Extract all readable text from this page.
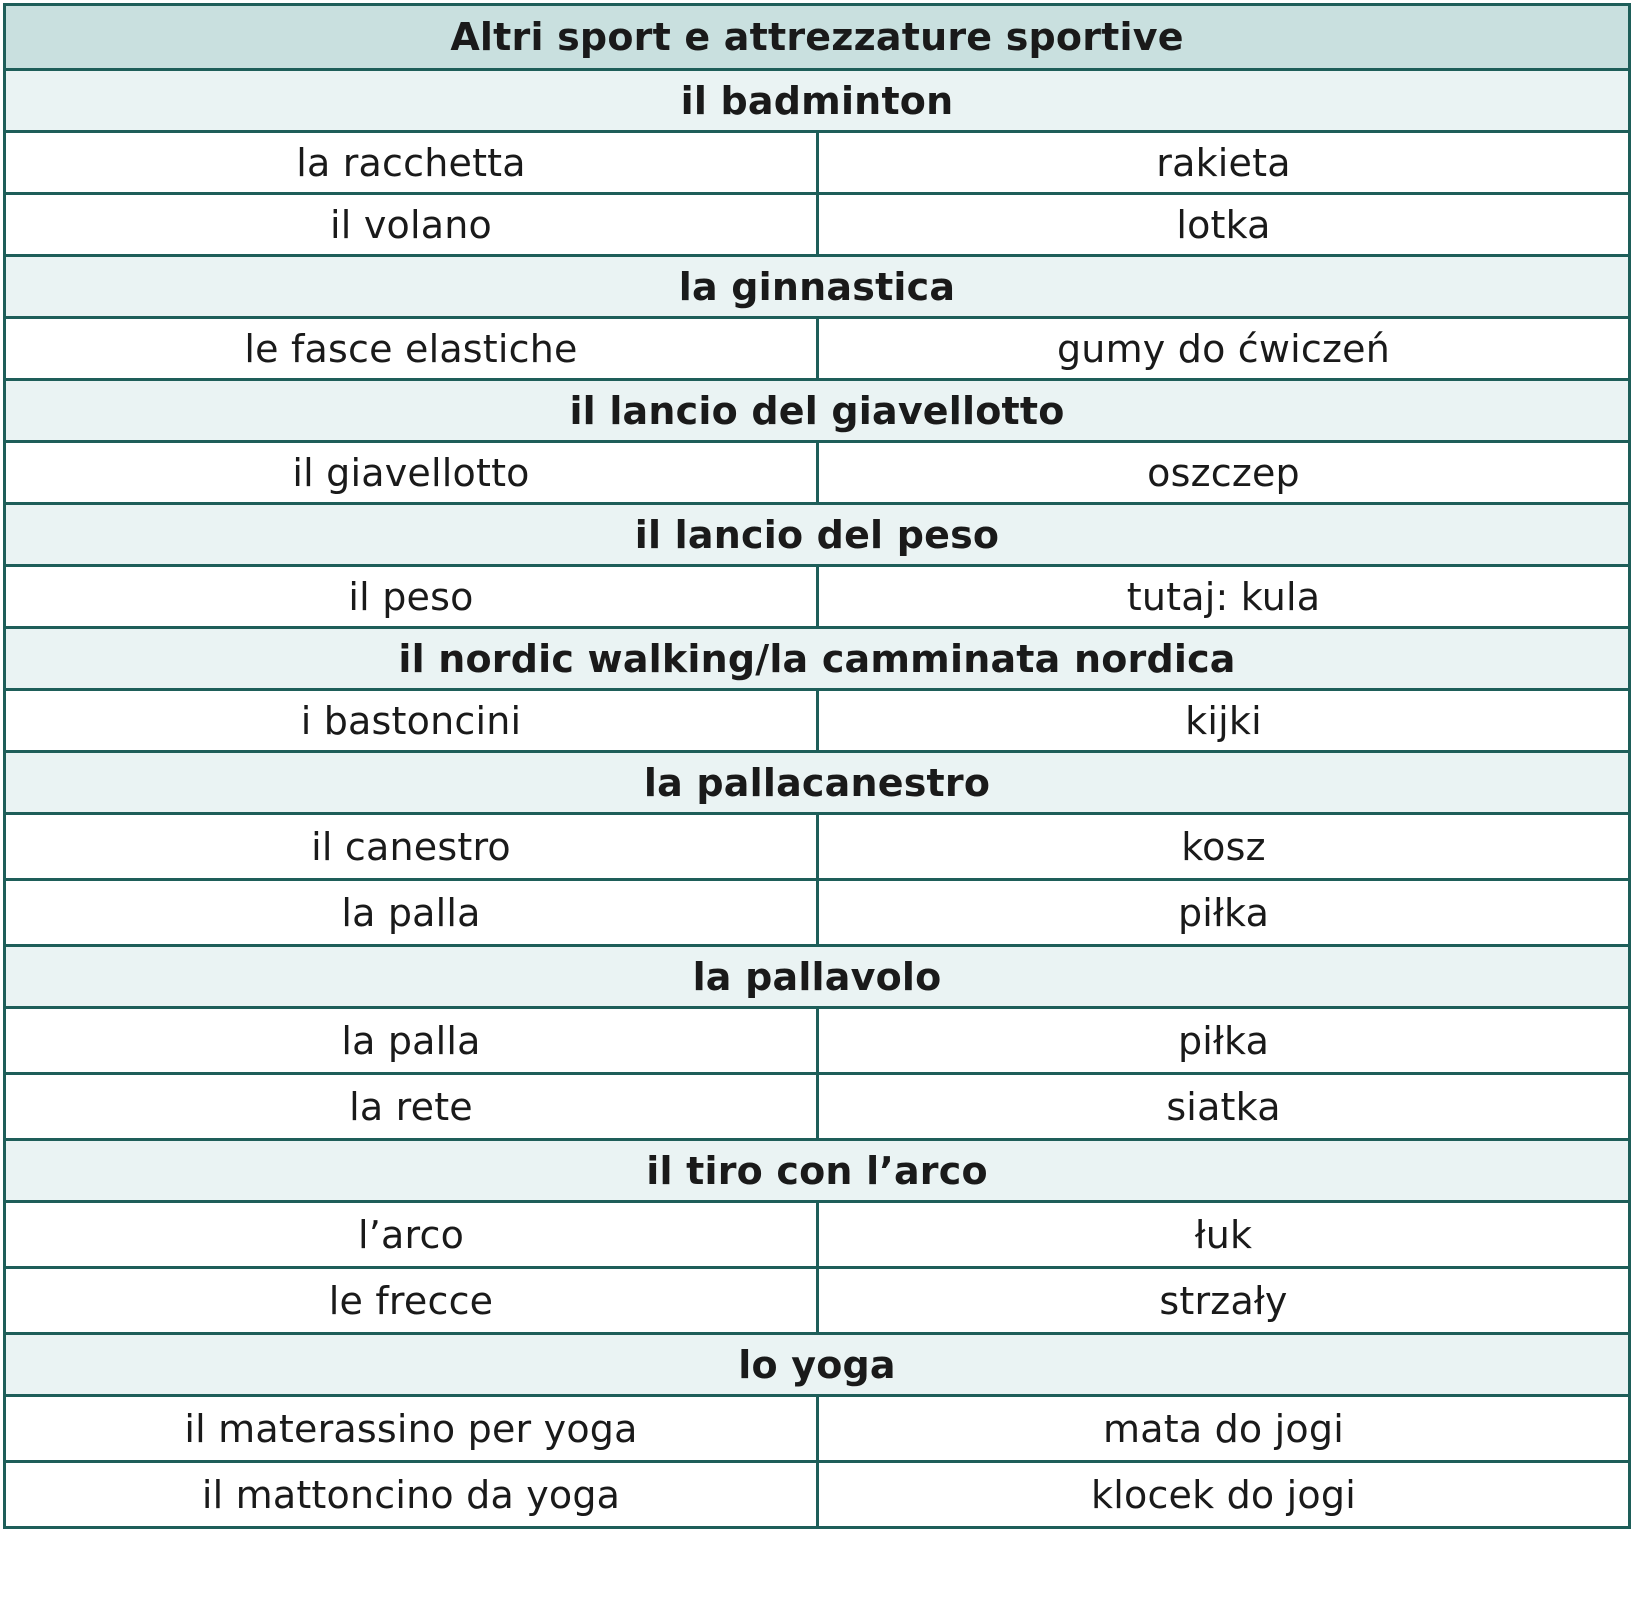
Altri sport e attrezzature sportive	
il badminton	
la racchetta	rakieta
il volano	lotka
la ginnastica	
le fasce elastiche	gumy do ćwiczeń
il lancio del giavellotto	
il giavellotto	oszczep
il lancio del peso	
il peso	tutaj: kula
il nordic walking/la camminata nordica	
i bastoncini	kijki
la pallacanestro	
il canestro	kosz
la palla	piłka
la pallavolo	
la palla	piłka
la rete	siatka
il tiro con l’arco	
l’arco	łuk
le frecce	strzały
lo yoga	
il materassino per yoga	mata do jogi
il mattoncino da yoga	klocek do jogi
